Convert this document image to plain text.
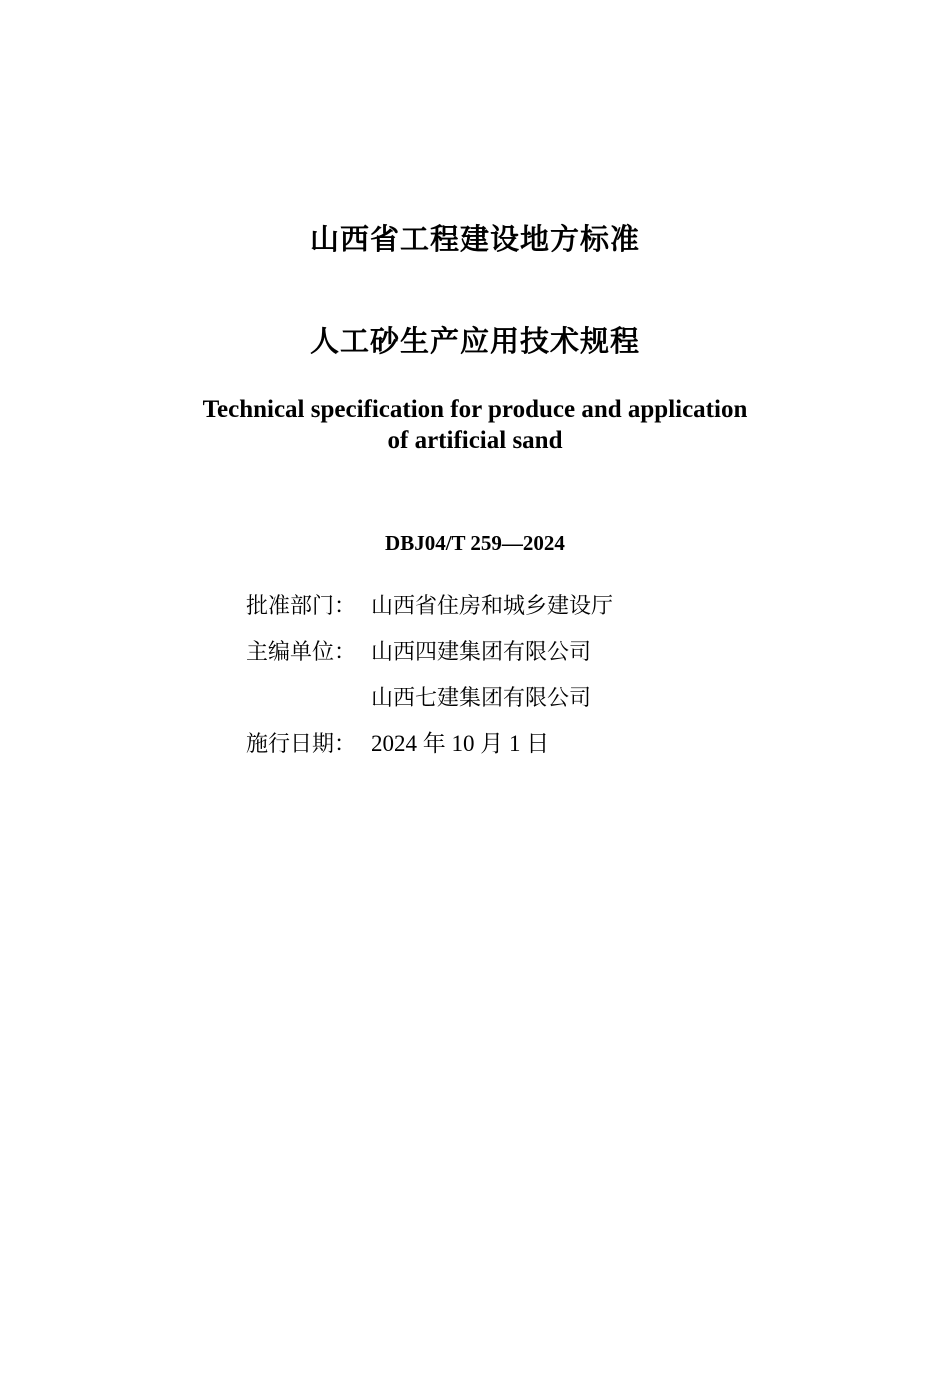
山西省工程建设地方标准
人工砂生产应用技术规程
Technical specification for produce and application
of artificial sand
DBJ04/T 259—2024
批准部门： 山西省住房和城乡建设厅
主编单位： 山西四建集团有限公司
山西七建集团有限公司
施行日期： 2024 年 10 月 1 日
